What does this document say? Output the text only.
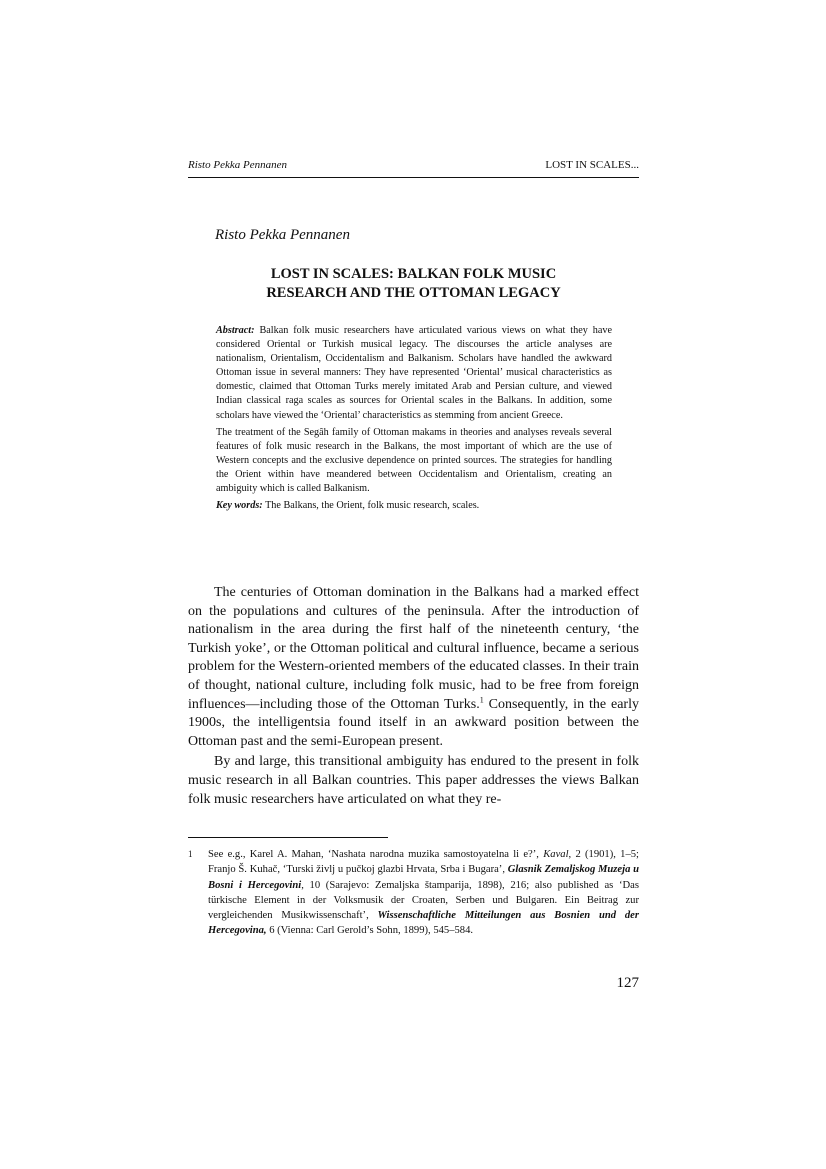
Risto Pekka Pennanen	LOST IN SCALES...
Risto Pekka Pennanen
LOST IN SCALES: BALKAN FOLK MUSIC
RESEARCH AND THE OTTOMAN LEGACY

Abstract: Balkan folk music researchers have articulated various views on what they have considered Oriental or Turkish musical legacy. The discourses the article analyses are nationalism, Orientalism, Occidentalism and Balkanism. Scholars have handled the awkward Ottoman issue in several manners: They have represented ‘Oriental’ musical characteristics as domestic, claimed that Ottoman Turks merely imitated Arab and Persian culture, and viewed Indian classical raga scales as sources for Oriental scales in the Balkans. In addition, some scholars have viewed the ‘Oriental’ characteristics as stemming from ancient Greece.

The treatment of the Segâh family of Ottoman makams in theories and analyses reveals several features of folk music research in the Balkans, the most important of which are the use of Western concepts and the exclusive dependence on printed sources. The strategies for handling the Orient within have meandered between Occidentalism and Orientalism, creating an ambiguity which is called Balkanism.

Key words: The Balkans, the Orient, folk music research, scales.

The centuries of Ottoman domination in the Balkans had a marked effect on the populations and cultures of the peninsula. After the introduction of nationalism in the area during the first half of the nineteenth century, ‘the Turkish yoke’, or the Ottoman political and cultural influence, became a serious problem for the Western-oriented members of the educated classes. In their train of thought, national culture, including folk music, had to be free from foreign influences—including those of the Ottoman Turks.$^1$ Consequently, in the early 1900s, the intelligentsia found itself in an awkward position between the Ottoman past and the semi-European present.

By and large, this transitional ambiguity has endured to the present in folk music research in all Balkan countries. This paper addresses the views Balkan folk music researchers have articulated on what they re-

1 See e.g., Karel A. Mahan, ‘Nashata narodna muzika samostoyatelna li e?’, Kaval, 2 (1901), 1–5; Franjo Š. Kuhač, ‘Turski življ u pučkoj glazbi Hrvata, Srba i Bugara’, Glasnik Zemaljskog Muzeja u Bosni i Hercegovini, 10 (Sarajevo: Zemaljska štamparija, 1898), 216; also published as ‘Das türkische Element in der Volksmusik der Croaten, Serben und Bulgaren. Ein Beitrag zur vergleichenden Musikwissenschaft’, Wissenschaftliche Mitteilungen aus Bosnien und der Hercegovina, 6 (Vienna: Carl Gerold’s Sohn, 1899), 545–584.
127
